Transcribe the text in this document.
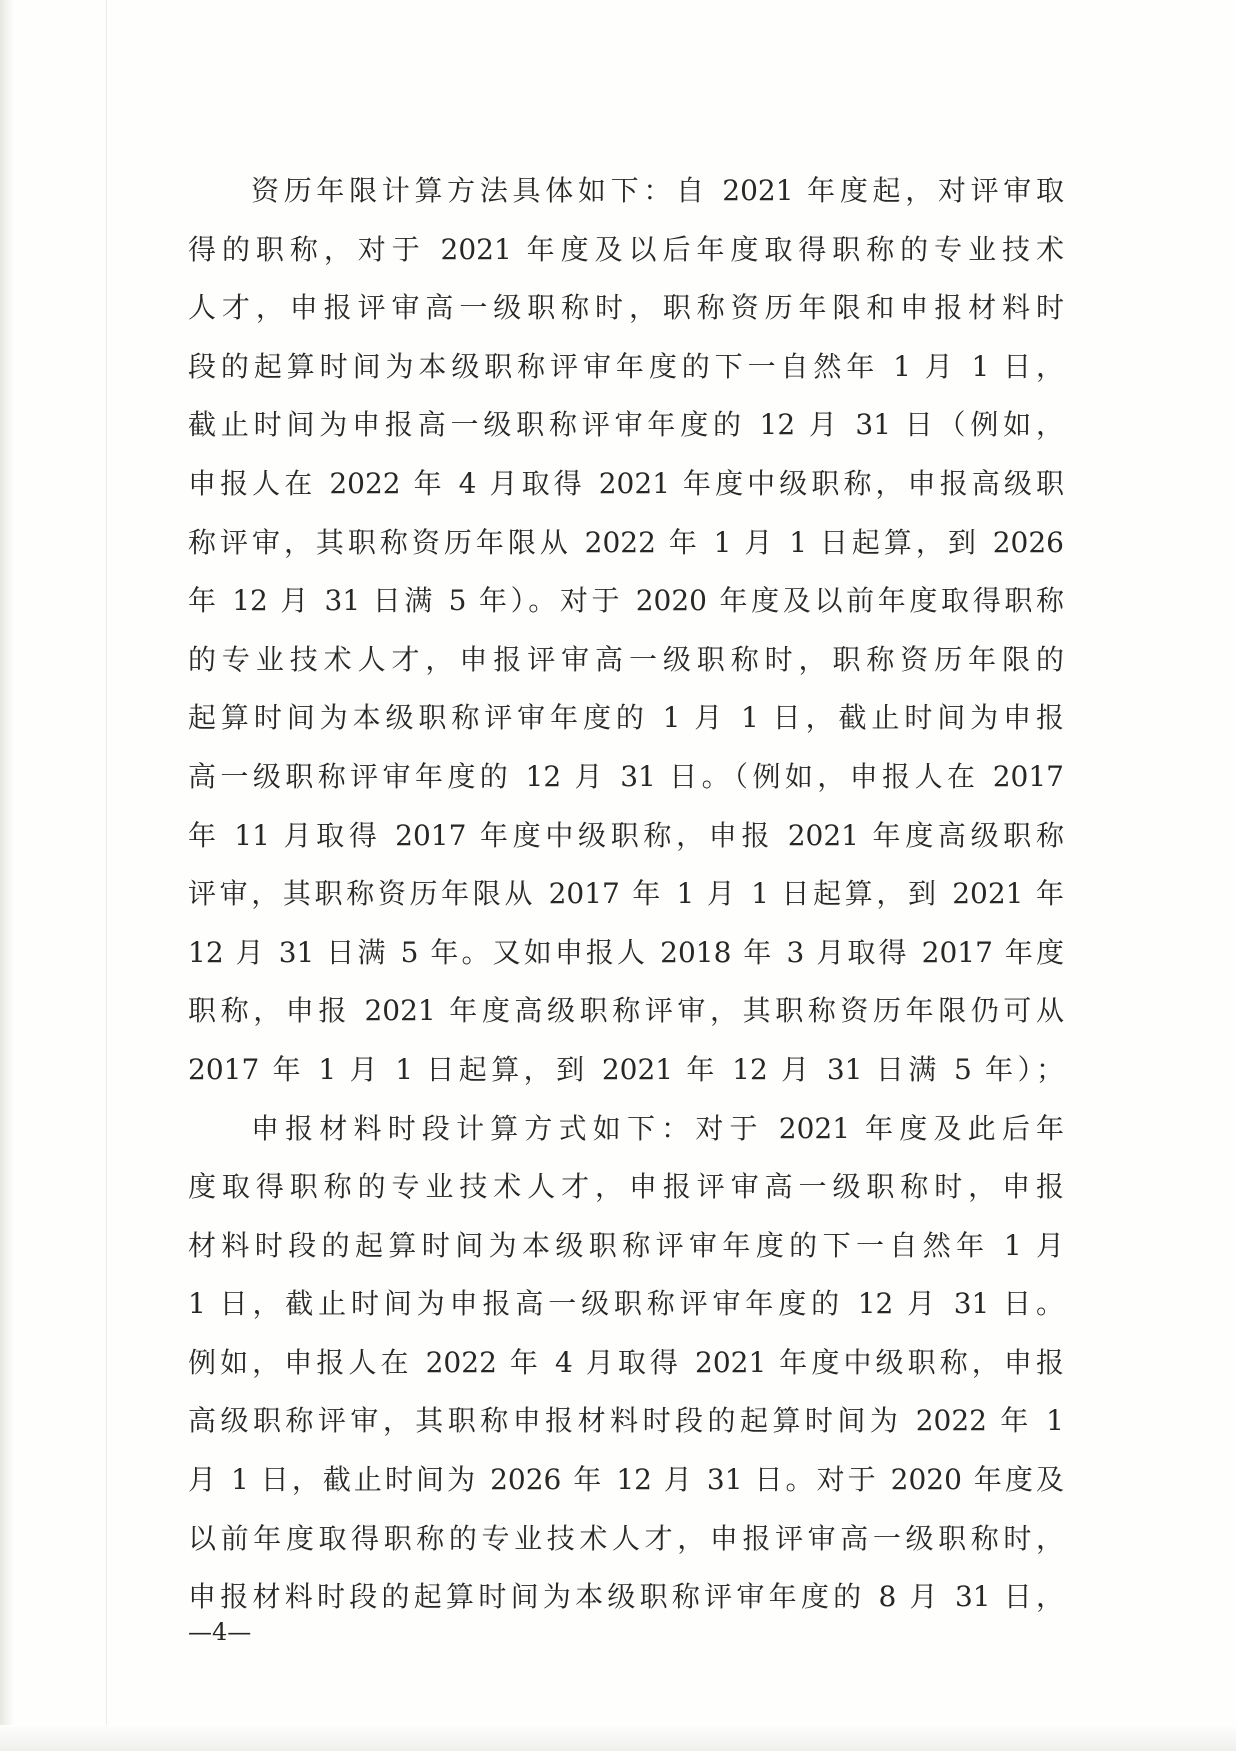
资历年限计算方法具体如下：自 2021 年度起，对评审取
得的职称，对于 2021 年度及以后年度取得职称的专业技术
人才，申报评审高一级职称时，职称资历年限和申报材料时
段的起算时间为本级职称评审年度的下一自然年 1 月 1 日，
截止时间为申报高一级职称评审年度的 12 月 31 日（例如，
申报人在 2022 年 4 月取得 2021 年度中级职称，申报高级职
称评审，其职称资历年限从 2022 年 1 月 1 日起算，到 2026
年 12 月 31 日满 5 年）。对于 2020 年度及以前年度取得职称
的专业技术人才，申报评审高一级职称时，职称资历年限的
起算时间为本级职称评审年度的 1 月 1 日，截止时间为申报
高一级职称评审年度的 12 月 31 日。（例如，申报人在 2017
年 11 月取得 2017 年度中级职称，申报 2021 年度高级职称
评审，其职称资历年限从 2017 年 1 月 1 日起算，到 2021 年
12 月 31 日满 5 年。又如申报人 2018 年 3 月取得 2017 年度
职称，申报 2021 年度高级职称评审，其职称资历年限仍可从
2017 年 1 月 1 日起算，到 2021 年 12 月 31 日满 5 年）；
申报材料时段计算方式如下：对于 2021 年度及此后年
度取得职称的专业技术人才，申报评审高一级职称时，申报
材料时段的起算时间为本级职称评审年度的下一自然年 1 月
1 日，截止时间为申报高一级职称评审年度的 12 月 31 日。
例如，申报人在 2022 年 4 月取得 2021 年度中级职称，申报
高级职称评审，其职称申报材料时段的起算时间为 2022 年 1
月 1 日，截止时间为 2026 年 12 月 31 日。对于 2020 年度及
以前年度取得职称的专业技术人才，申报评审高一级职称时，
申报材料时段的起算时间为本级职称评审年度的 8 月 31 日，
—4—
